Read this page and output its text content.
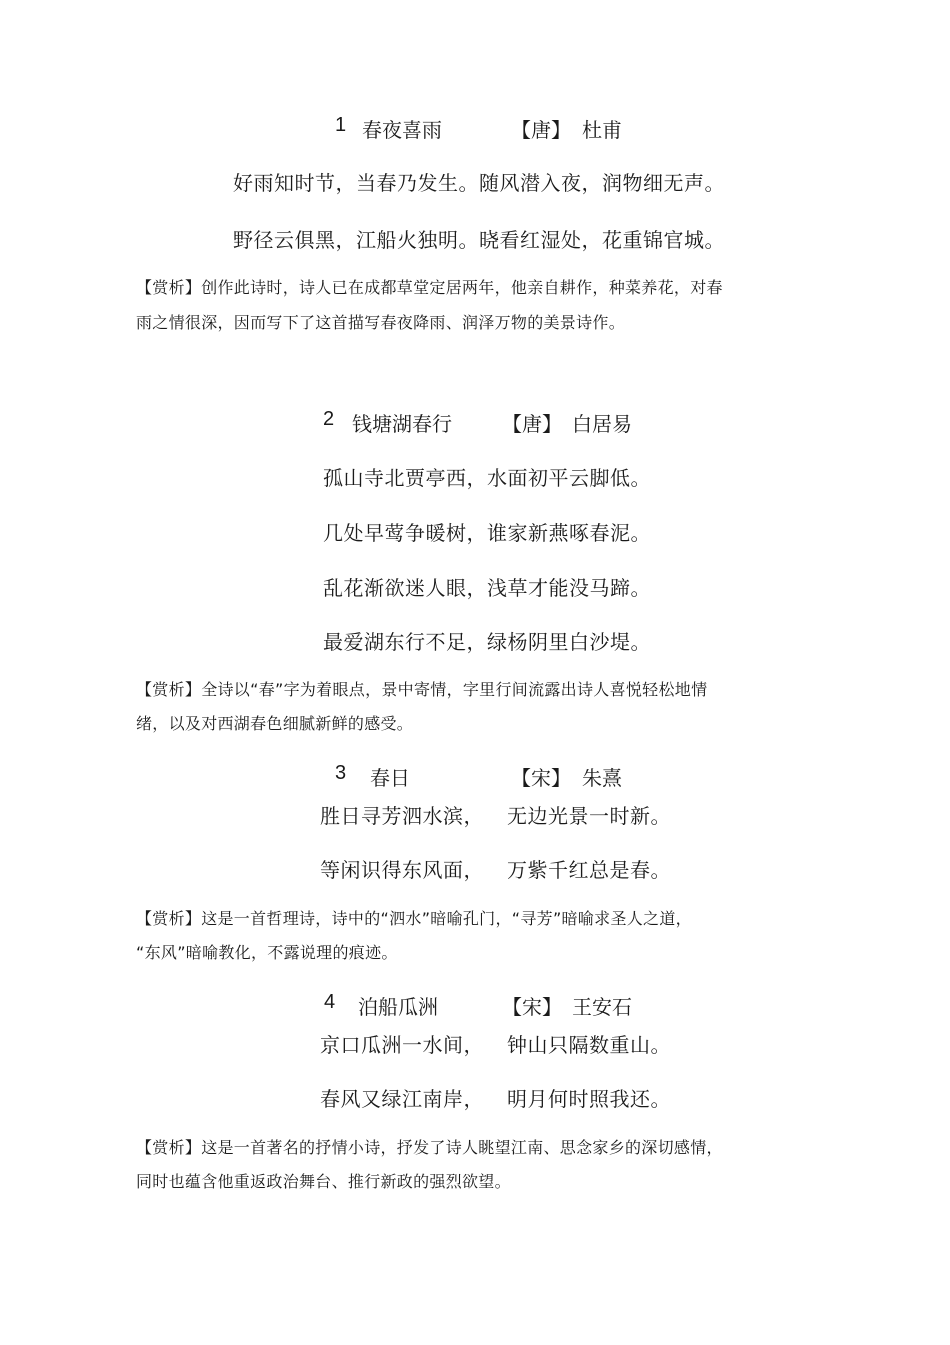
1 春夜喜雨	【唐】 杜甫
好雨知时节，当春乃发生。随风潜入夜，润物细无声。
野径云俱黑，江船火独明。晓看红湿处，花重锦官城。
【赏析】创作此诗时，诗人已在成都草堂定居两年，他亲自耕作，种菜养花，对春
雨之情很深，因而写下了这首描写春夜降雨、润泽万物的美景诗作。
2 钱塘湖春行	【唐】 白居易
孤山寺北贾亭西，水面初平云脚低。
几处早莺争暖树，谁家新燕啄春泥。
乱花渐欲迷人眼，浅草才能没马蹄。
最爱湖东行不足，绿杨阴里白沙堤。
【赏析】全诗以“春”字为着眼点，景中寄情，字里行间流露出诗人喜悦轻松地情
绪，以及对西湖春色细腻新鲜的感受。
3 春日	【宋】 朱熹
胜日寻芳泗水滨， 无边光景一时新。
等闲识得东风面， 万紫千红总是春。
【赏析】这是一首哲理诗，诗中的“泗水”暗喻孔门，“寻芳”暗喻求圣人之道，
“东风”暗喻教化，不露说理的痕迹。
4 泊船瓜洲	【宋】 王安石
京口瓜洲一水间， 钟山只隔数重山。
春风又绿江南岸， 明月何时照我还。
【赏析】这是一首著名的抒情小诗，抒发了诗人眺望江南、思念家乡的深切感情，
同时也蕴含他重返政治舞台、推行新政的强烈欲望。
